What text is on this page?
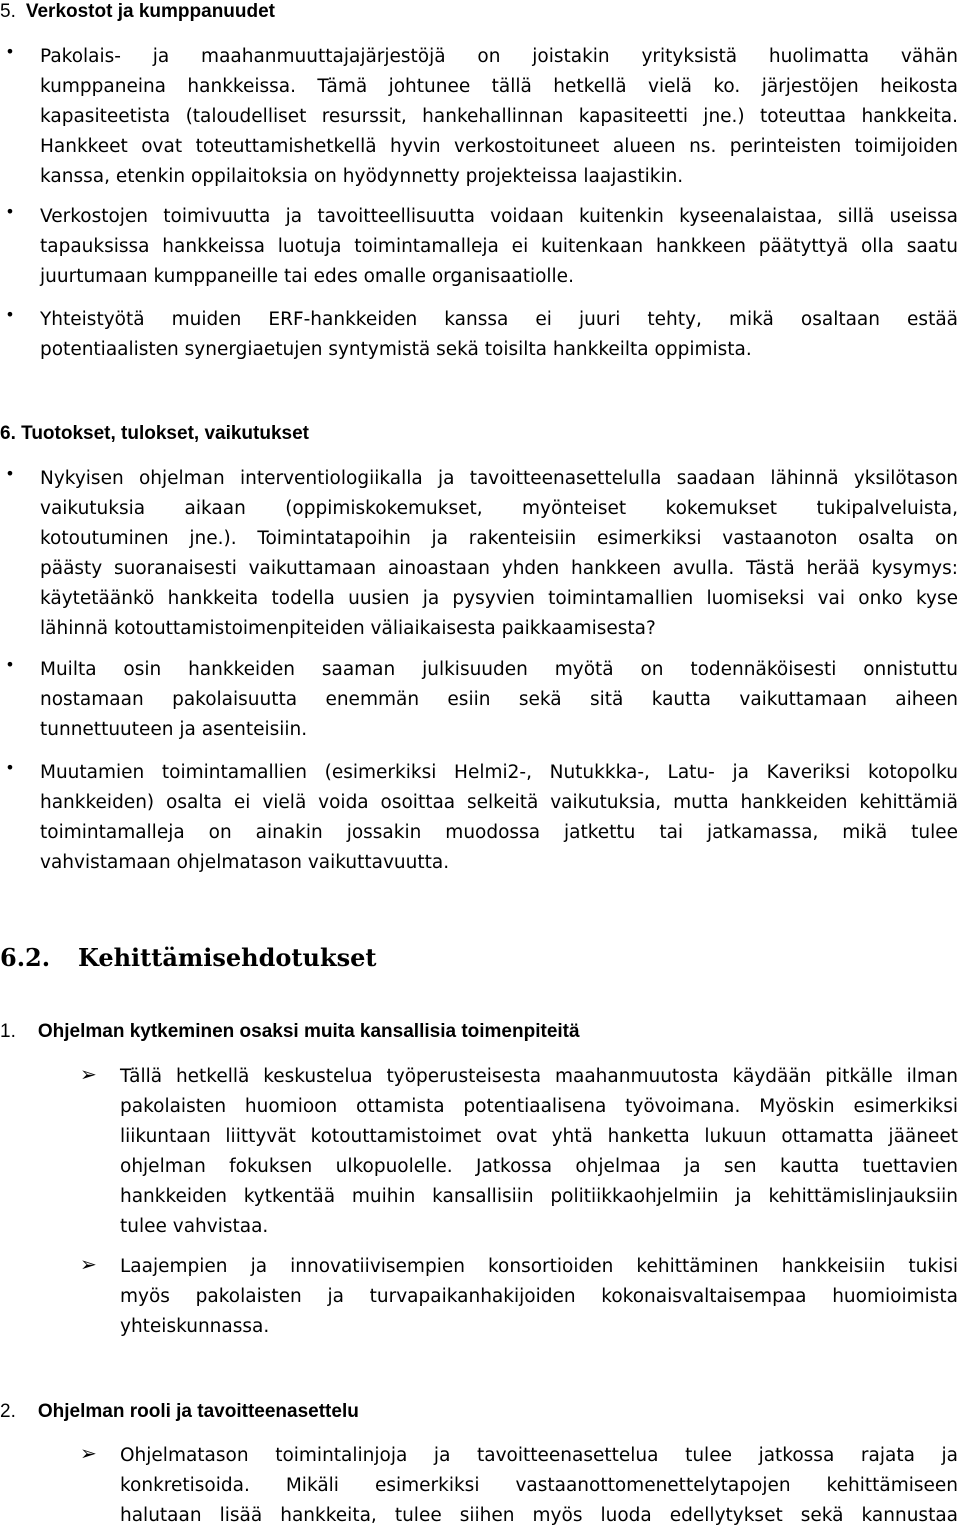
5. Verkostot ja kumppanuudet
• Pakolais- ja maahanmuuttajajärjestöjä on joistakin yrityksistä huolimatta vähän
kumppaneina hankkeissa. Tämä johtunee tällä hetkellä vielä ko. järjestöjen heikosta
kapasiteetista (taloudelliset resurssit, hankehallinnan kapasiteetti jne.) toteuttaa hankkeita.
Hankkeet ovat toteuttamishetkellä hyvin verkostoituneet alueen ns. perinteisten toimijoiden
kanssa, etenkin oppilaitoksia on hyödynnetty projekteissa laajastikin.
• Verkostojen toimivuutta ja tavoitteellisuutta voidaan kuitenkin kyseenalaistaa, sillä useissa
tapauksissa hankkeissa luotuja toimintamalleja ei kuitenkaan hankkeen päätyttyä olla saatu
juurtumaan kumppaneille tai edes omalle organisaatiolle.
• Yhteistyötä muiden ERF-hankkeiden kanssa ei juuri tehty, mikä osaltaan estää
potentiaalisten synergiaetujen syntymistä sekä toisilta hankkeilta oppimista.
6. Tuotokset, tulokset, vaikutukset
• Nykyisen ohjelman interventiologiikalla ja tavoitteenasettelulla saadaan lähinnä yksilötason
vaikutuksia aikaan (oppimiskokemukset, myönteiset kokemukset tukipalveluista,
kotoutuminen jne.). Toimintatapoihin ja rakenteisiin esimerkiksi vastaanoton osalta on
päästy suoranaisesti vaikuttamaan ainoastaan yhden hankkeen avulla. Tästä herää kysymys:
käytetäänkö hankkeita todella uusien ja pysyvien toimintamallien luomiseksi vai onko kyse
lähinnä kotouttamistoimenpiteiden väliaikaisesta paikkaamisesta?
• Muilta osin hankkeiden saaman julkisuuden myötä on todennäköisesti onnistuttu
nostamaan pakolaisuutta enemmän esiin sekä sitä kautta vaikuttamaan aiheen
tunnettuuteen ja asenteisiin.
• Muutamien toimintamallien (esimerkiksi Helmi2-, Nutukkka-, Latu- ja Kaveriksi kotopolku
hankkeiden) osalta ei vielä voida osoittaa selkeitä vaikutuksia, mutta hankkeiden kehittämiä
toimintamalleja on ainakin jossakin muodossa jatkettu tai jatkamassa, mikä tulee
vahvistamaan ohjelmatason vaikuttavuutta.
6.2. Kehittämisehdotukset
1. Ohjelman kytkeminen osaksi muita kansallisia toimenpiteitä
➢	Tällä hetkellä keskustelua työperusteisesta maahanmuutosta käydään pitkälle ilman
pakolaisten huomioon ottamista potentiaalisena työvoimana. Myöskin esimerkiksi
liikuntaan liittyvät kotouttamistoimet ovat yhtä hanketta lukuun ottamatta jääneet
ohjelman fokuksen ulkopuolelle. Jatkossa ohjelmaa ja sen kautta tuettavien
hankkeiden kytkentää muihin kansallisiin politiikkaohjelmiin ja kehittämislinjauksiin
tulee vahvistaa.
➢	Laajempien ja innovatiivisempien konsortioiden kehittäminen hankkeisiin tukisi
myös pakolaisten ja turvapaikanhakijoiden kokonaisvaltaisempaa huomioimista
yhteiskunnassa.
2. Ohjelman rooli ja tavoitteenasettelu
➢	Ohjelmatason toimintalinjoja ja tavoitteenasettelua tulee jatkossa rajata ja
konkretisoida. Mikäli esimerkiksi vastaanottomenettelytapojen kehittämiseen
halutaan lisää hankkeita, tulee siihen myös luoda edellytykset sekä kannustaa
